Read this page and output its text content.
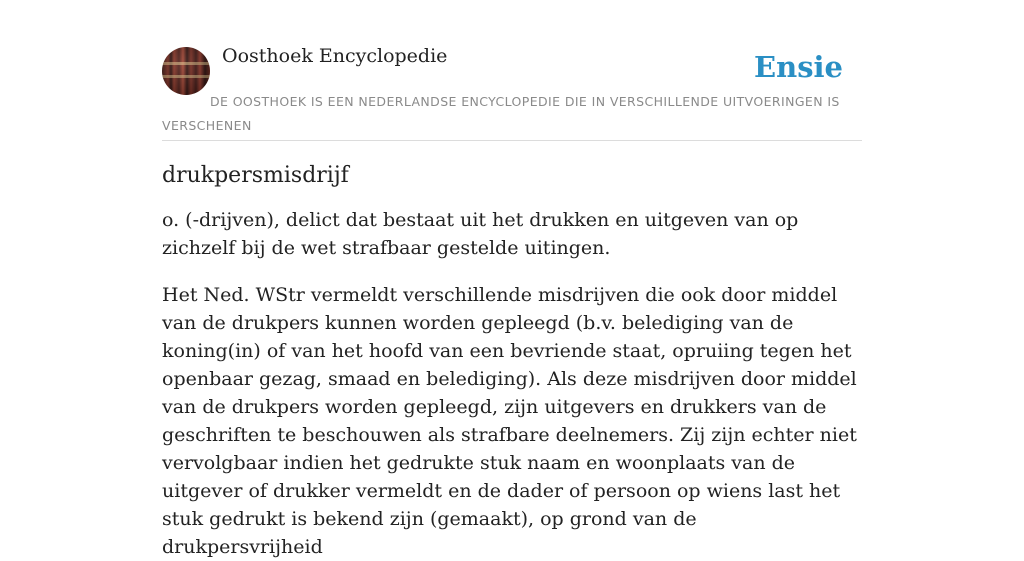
Oosthoek Encyclopedie	Ensie
DE OOSTHOEK IS EEN NEDERLANDSE ENCYCLOPEDIE DIE IN VERSCHILLENDE UITVOERINGEN IS VERSCHENEN
drukpersmisdrijf

o. (-drijven), delict dat bestaat uit het drukken en uitgeven van op zichzelf bij de wet strafbaar gestelde uitingen.

Het Ned. WStr vermeldt verschillende misdrijven die ook door middel van de drukpers kunnen worden gepleegd (b.v. belediging van de koning(in) of van het hoofd van een bevriende staat, opruiing tegen het openbaar gezag, smaad en belediging). Als deze misdrijven door middel van de drukpers worden gepleegd, zijn uitgevers en drukkers van de geschriften te beschouwen als strafbare deelnemers. Zij zijn echter niet vervolgbaar indien het gedrukte stuk naam en woonplaats van de uitgever of drukker vermeldt en de dader of persoon op wiens last het stuk gedrukt is bekend zijn (gemaakt), op grond van de drukpersvrijheid
